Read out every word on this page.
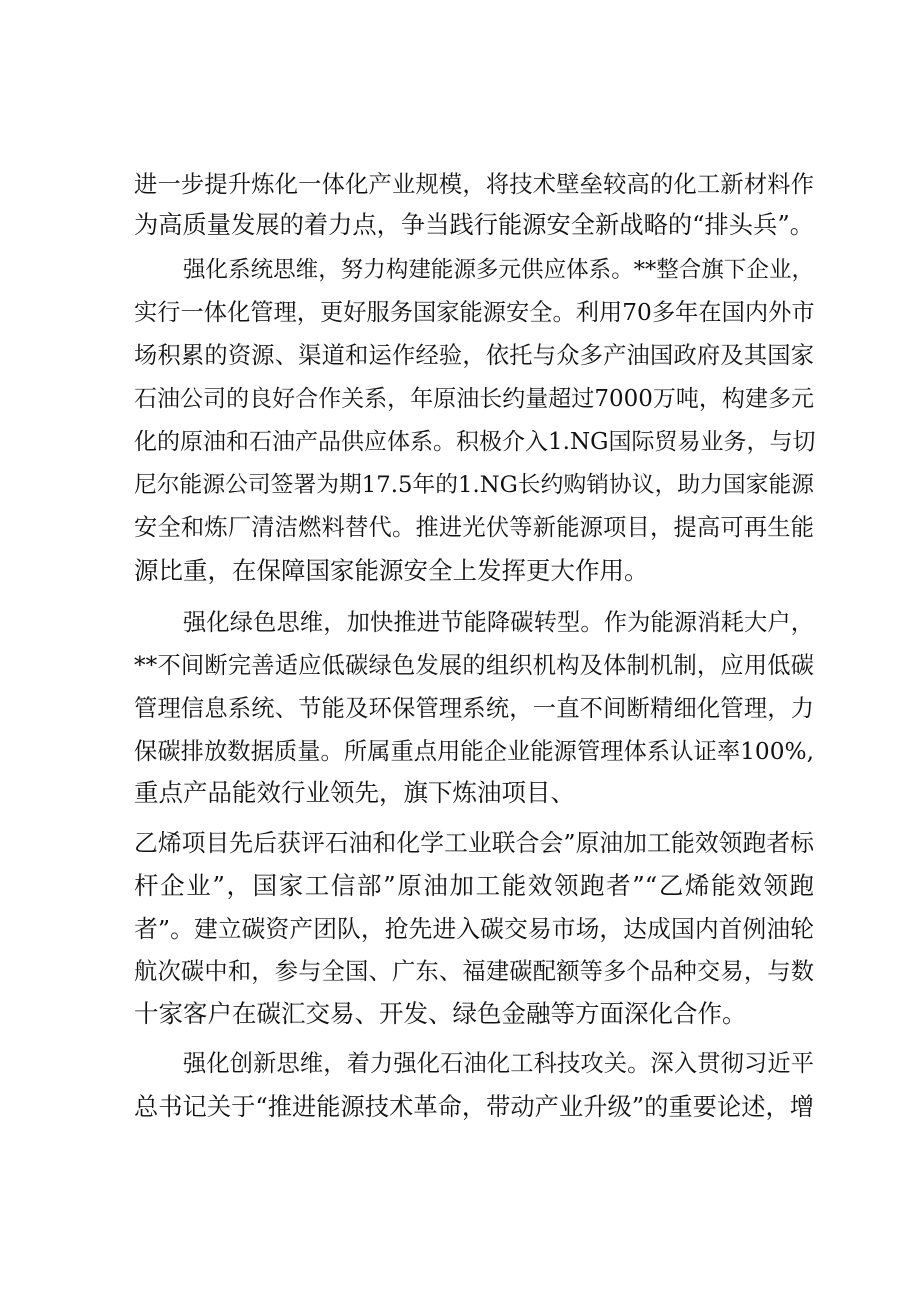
进一步提升炼化一体化产业规模，将技术壁垒较高的化工新材料作
为高质量发展的着力点，争当践行能源安全新战略的“排头兵”。
强化系统思维，努力构建能源多元供应体系。**整合旗下企业，
实行一体化管理，更好服务国家能源安全。利用70多年在国内外市
场积累的资源、渠道和运作经验，依托与众多产油国政府及其国家
石油公司的良好合作关系，年原油长约量超过7000万吨，构建多元
化的原油和石油产品供应体系。积极介入1.NG国际贸易业务，与切
尼尔能源公司签署为期17.5年的1.NG长约购销协议，助力国家能源
安全和炼厂清洁燃料替代。推进光伏等新能源项目，提高可再生能
源比重，在保障国家能源安全上发挥更大作用。
强化绿色思维，加快推进节能降碳转型。作为能源消耗大户，
**不间断完善适应低碳绿色发展的组织机构及体制机制，应用低碳
管理信息系统、节能及环保管理系统，一直不间断精细化管理，力
保碳排放数据质量。所属重点用能企业能源管理体系认证率100%,
重点产品能效行业领先，旗下炼油项目、
乙烯项目先后获评石油和化学工业联合会”原油加工能效领跑者标
杆企业”，国家工信部”原油加工能效领跑者”“乙烯能效领跑
者”。建立碳资产团队，抢先进入碳交易市场，达成国内首例油轮
航次碳中和，参与全国、广东、福建碳配额等多个品种交易，与数
十家客户在碳汇交易、开发、绿色金融等方面深化合作。
强化创新思维，着力强化石油化工科技攻关。深入贯彻习近平
总书记关于“推进能源技术革命，带动产业升级”的重要论述，增
